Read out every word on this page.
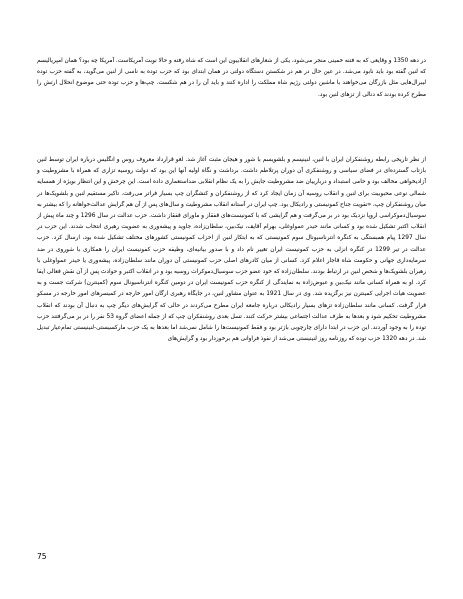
در دهه 1350 و وقایعی که به فتنه خمینی منجر می‌شود، یکی از شعارهای انقلابیون این است که شاه رفته و حالا نوبت آمریکاست. آمریکا چه بود؟ همان امپریالیسم که لنین گفته بود باید نابود می‌شد. در عین حال در هم در شکستن دستگاه دولتی در همان ابتدای بود که حزب توده به ناسی از لنین می‌گوید، به گفته حزب توده لیبرال‌هایی مثل بازرگان می‌خواهند با ماشین دولتی رژیم شاه مملکت را اداره کنند و باید آن را در هم شکست. چپ‌ها و حزب توده حتی موضوع انحلال ارتش را مطرح کرده بودند که دنالی از تزهای لنین بود.

از نظر تاریخی رابطه روشنفکران ایران با لنین، لنینیسم و بلشویسم با شور و هیجان مثبت آغاز شد. لغو قرارداد معروف روس و انگلیس درباره ایران توسط لنین بازتاب گسترده‌ای در فضای سیاسی و روشنفکری آن دوران پرتلاطم داشت. برداشت و نگاه اولیه آنها این بود که دولت روسیه تزاری که همراه با مشروطیت و آزادیخواهی مخالف بود و حامی استبداد و دربارییان ضد مشروطیت جایش را به یک نظام انقلابی ضداستعماری داده است. این چرخش و این انتظار بویژه از همسایه شمالی نوعی محبوبیت برای لنین و انقلاب روسیه آن زمان ایجاد کرد که از روشنفکران و کنشگران چپ بسیار فراتر می‌رفت. تاکیر مستقیم لنین و بلشویک‌ها در میان روشنفکران چپ، «تقویت جناح کمونیستی و رادیکال بود. چپ ایران در آستانه انقلاب مشروطیت و سال‌های پس از آن هم گرایش عدالت‌خواهانه را که بیشتر به سوسیال‌دموکراسی اروپا نزدیک بود در بر می‌گرفت و هم گرایشی که با کمونیست‌های قفقاز و ماورای قفقاز داشت. حزب عدالت در سال 1296 و چند ماه پیش از انقلاب اکتبر تشکیل شده بود و کسانی مانند حیدر عمواوغلی، بهرام آقایف، نیک‌بین، سلطان‌زاده، جاوید و پیشه‌وری به عضویت رهبری انتخاب شدند. این حزب در سال 1297 پیام همبستگی به کنگره انترناسیونال سوم کمونیستی که به ابتکار لنین از احزاب کمونیستی کشورهای مختلف تشکیل شده بود، ارسال کرد. حزب عدالت در تیر 1299 در کنگره انزلی به حزب کمونیست ایران تغییر نام داد و با صدور بیانیه‌ای، وظیفه حزب کمونیست ایران را همکاری با شوروی در ضد سرمایه‌داری جهانی و حکومت شاه قاجار اعلام کرد. کسانی از میان کادرهای اصلی حزب کمونیستی آن دوران مانند سلطان‌زاده، پیشه‌وری یا حیدر عمواوغلی با رهبران بلشویک‌ها و شخص لنین در ارتباط بودند. سلطان‌زاده که خود عضو حزب سوسیال‌دموکرات روسیه بود و در انقلاب اکتبر و حوادث پس از آن نقش فعالی ایفا کرد. او به همراه کسانی مانند نیک‌بین و عبوض‌زاده به نمایندگی از کنگره حزب کمونیست ایران در دومین کنگره انترناسیونال سوم (کمینترن) شرکت جست و به عضویت هیات اجرایی کمینترن نیز برگزیده شد. وی در سال 1921 به عنوان مشاور لنین، در جایگاه رهبری ارگان امور خارجه در کمیسرهای امور خارجه در مسکو قرار گرفت. کسانی مانند سلطان‌زاده تزهای بسیار رادیکالی درباره جامعه ایران مطرح می‌کردند در حالی که گرایش‌های دیگر چپ به دنبال آن بودند که انقلاب مشروطیت تحکیم شود و بعدها به طرف عدالت اجتماعی بیشتر حرکت کنند. تسل بعدی روشنفکران چپ که از جمله اعضای گروه 53 نفر را در بر می‌گرفتند حزب توده را به وجود آوردند. این حزب در ابتدا دارای چارچوبی بازتر بود و فقط کمونیست‌ها را شامل نمی‌شد اما بعدها به یک حزب مارکسیستی-لنینیستی تمام‌عیار تبدیل شد. در دهه 1320 حزب توده که روزنامه روز لنینیستی می‌شد از نفوذ فراوانی هم برخوردار بود و گرایش‌های

75
